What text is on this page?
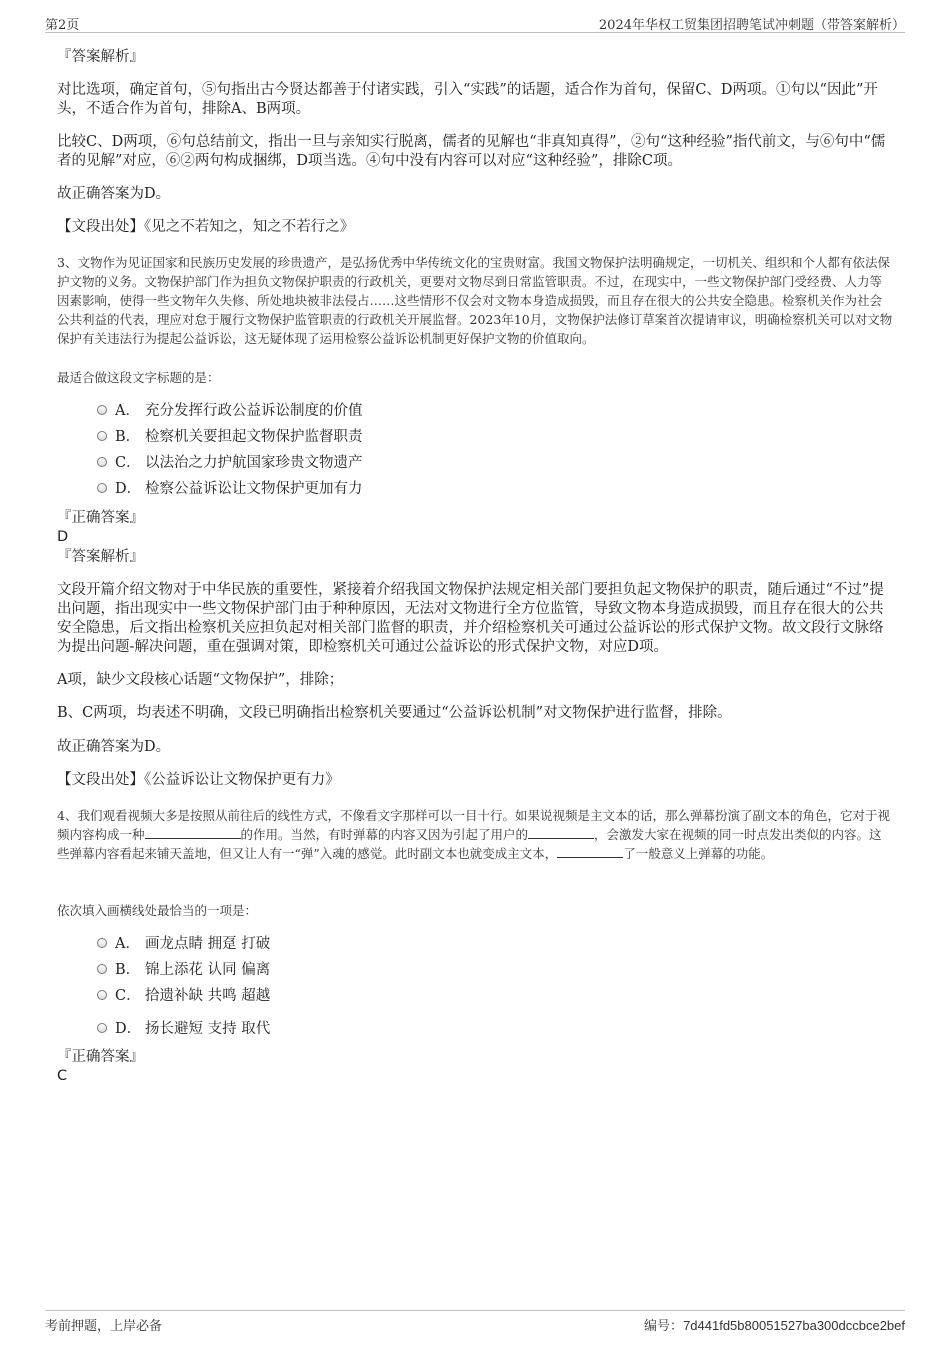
第2页	2024年华权工贸集团招聘笔试冲刺题（带答案解析）
『答案解析』
对比选项，确定首句，⑤句指出古今贤达都善于付诸实践，引入“实践”的话题，适合作为首句，保留C、D两项。①句以“因此”开头，不适合作为首句，排除A、B两项。
比较C、D两项，⑥句总结前文，指出一旦与亲知实行脱离，儒者的见解也“非真知真得”，②句“这种经验”指代前文，与⑥句中“儒者的见解”对应，⑥②两句构成捆绑，D项当选。④句中没有内容可以对应“这种经验”，排除C项。
故正确答案为D。
【文段出处】《见之不若知之，知之不若行之》
3、文物作为见证国家和民族历史发展的珍贵遗产，是弘扬优秀中华传统文化的宝贵财富。我国文物保护法明确规定，一切机关、组织和个人都有依法保护文物的义务。文物保护部门作为担负文物保护职责的行政机关，更要对文物尽到日常监管职责。不过，在现实中，一些文物保护部门受经费、人力等因素影响，使得一些文物年久失修、所处地块被非法侵占……这些情形不仅会对文物本身造成损毁，而且存在很大的公共安全隐患。检察机关作为社会公共利益的代表，理应对怠于履行文物保护监管职责的行政机关开展监督。2023年10月，文物保护法修订草案首次提请审议，明确检察机关可以对文物保护有关违法行为提起公益诉讼，这无疑体现了运用检察公益诉讼机制更好保护文物的价值取向。
最适合做这段文字标题的是：
A． 充分发挥行政公益诉讼制度的价值
B． 检察机关要担起文物保护监督职责
C． 以法治之力护航国家珍贵文物遗产
D． 检察公益诉讼让文物保护更加有力
『正确答案』
D
『答案解析』
文段开篇介绍文物对于中华民族的重要性，紧接着介绍我国文物保护法规定相关部门要担负起文物保护的职责，随后通过“不过”提出问题，指出现实中一些文物保护部门由于种种原因，无法对文物进行全方位监管，导致文物本身造成损毁，而且存在很大的公共安全隐患，后文指出检察机关应担负起对相关部门监督的职责，并介绍检察机关可通过公益诉讼的形式保护文物。故文段行文脉络为提出问题-解决问题，重在强调对策，即检察机关可通过公益诉讼的形式保护文物，对应D项。
A项，缺少文段核心话题“文物保护”，排除；
B、C两项，均表述不明确，文段已明确指出检察机关要通过“公益诉讼机制”对文物保护进行监督，排除。
故正确答案为D。
【文段出处】《公益诉讼让文物保护更有力》
4、我们观看视频大多是按照从前往后的线性方式，不像看文字那样可以一目十行。如果说视频是主文本的话，那么弹幕扮演了副文本的角色，它对于视频内容构成一种	的作用。当然，有时弹幕的内容又因为引起了用户的	，会激发大家在视频的同一时点发出类似的内容。这些弹幕内容看起来铺天盖地，但又让人有一“弹”入魂的感觉。此时副文本也就变成主文本，	了一般意义上弹幕的功能。
依次填入画横线处最恰当的一项是：
A． 画龙点睛 拥趸 打破
B． 锦上添花 认同 偏离
C． 拾遗补缺 共鸣 超越
D． 扬长避短 支持 取代
『正确答案』
C
考前押题，上岸必备	编号：7d441fd5b80051527ba300dccbce2bef
